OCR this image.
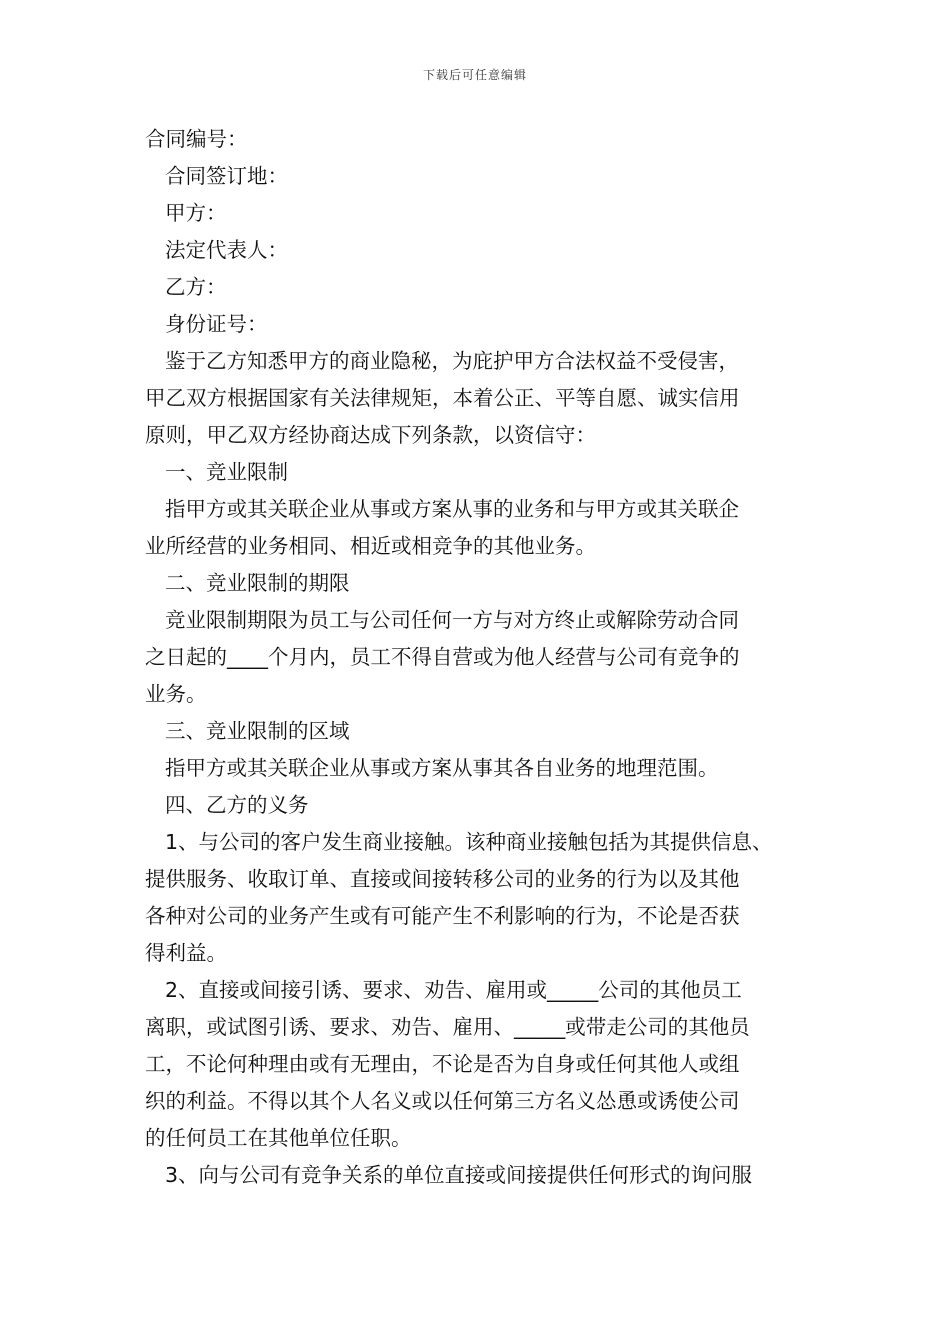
下载后可任意编辑

合同编号：

合同签订地：

甲方：

法定代表人：

乙方：

身份证号：

鉴于乙方知悉甲方的商业隐秘，为庇护甲方合法权益不受侵害，

甲乙双方根据国家有关法律规矩，本着公正、平等自愿、诚实信用

原则，甲乙双方经协商达成下列条款，以资信守：

一、竞业限制

指甲方或其关联企业从事或方案从事的业务和与甲方或其关联企

业所经营的业务相同、相近或相竞争的其他业务。

二、竞业限制的期限

竞业限制期限为员工与公司任何一方与对方终止或解除劳动合同

之日起的____个月内，员工不得自营或为他人经营与公司有竞争的

业务。

三、竞业限制的区域

指甲方或其关联企业从事或方案从事其各自业务的地理范围。

四、乙方的义务

1、与公司的客户发生商业接触。该种商业接触包括为其提供信息、

提供服务、收取订单、直接或间接转移公司的业务的行为以及其他

各种对公司的业务产生或有可能产生不利影响的行为，不论是否获

得利益。

2、直接或间接引诱、要求、劝告、雇用或_____公司的其他员工

离职，或试图引诱、要求、劝告、雇用、_____或带走公司的其他员

工，不论何种理由或有无理由，不论是否为自身或任何其他人或组

织的利益。不得以其个人名义或以任何第三方名义怂恿或诱使公司

的任何员工在其他单位任职。

3、向与公司有竞争关系的单位直接或间接提供任何形式的询问服
